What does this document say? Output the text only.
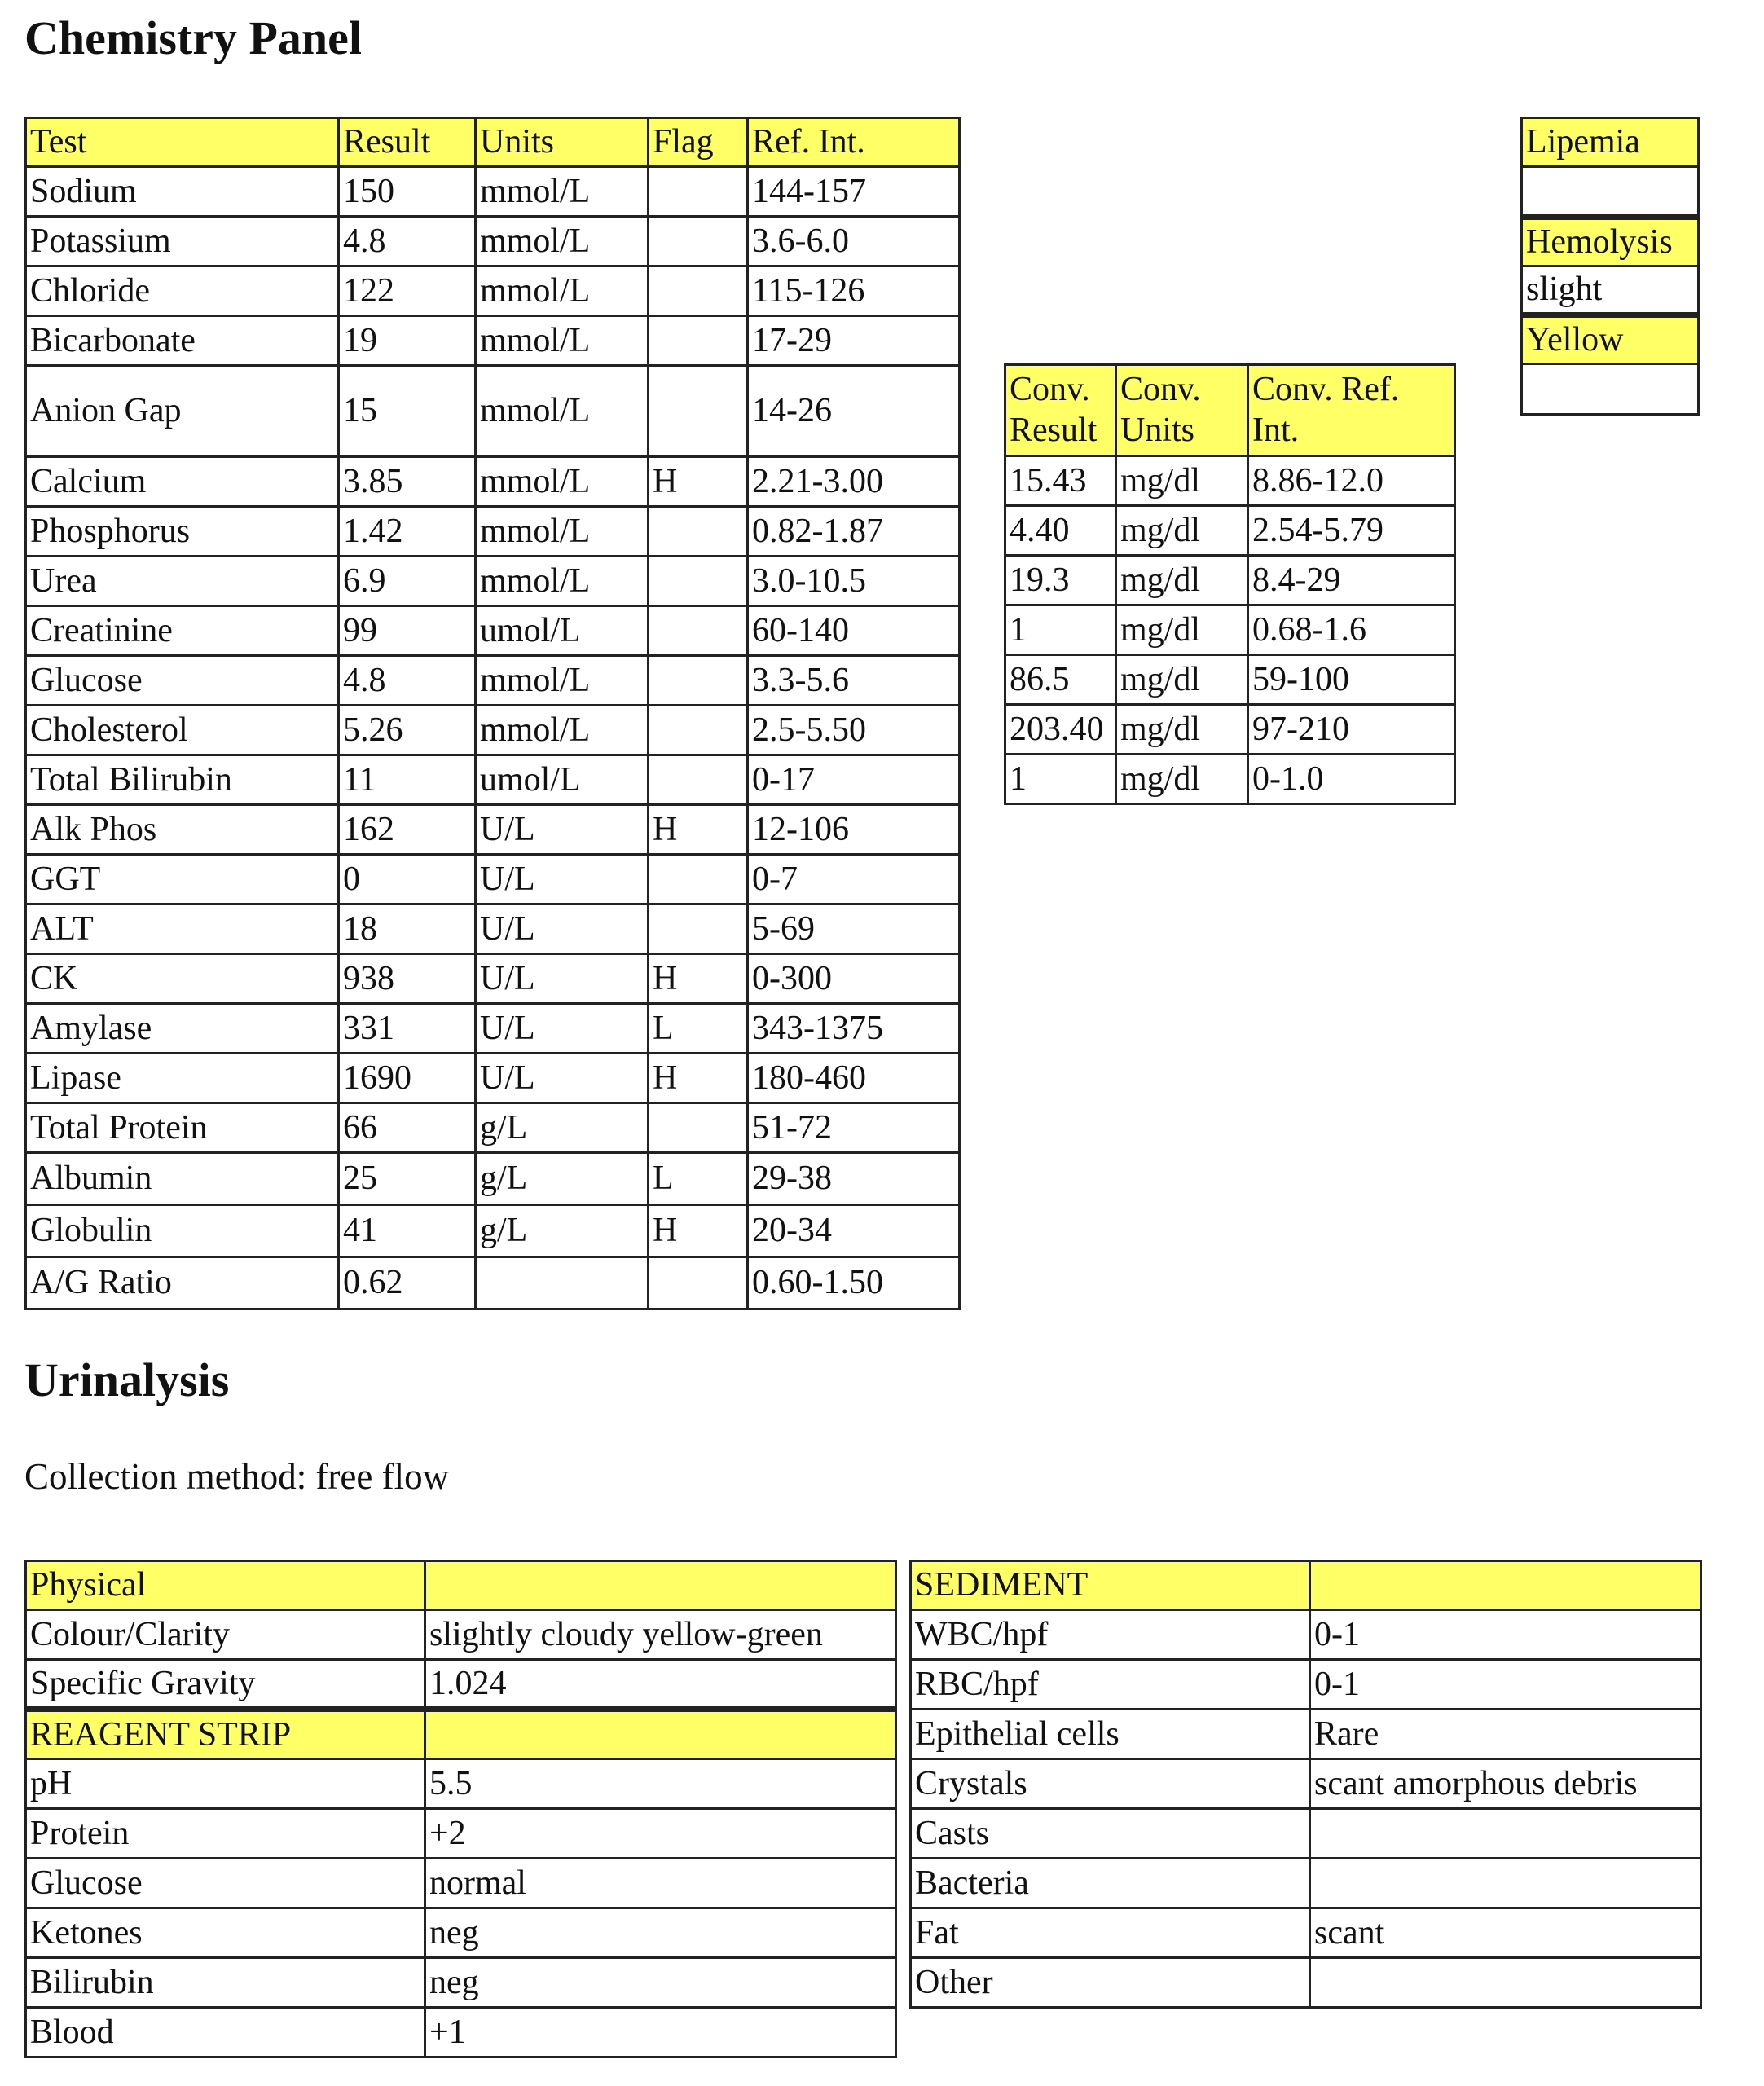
Chemistry Panel
Test	Result	Units	Flag	Ref. Int.
Sodium	150	mmol/L		144-157
Potassium	4.8	mmol/L		3.6-6.0
Chloride	122	mmol/L		115-126
Bicarbonate	19	mmol/L		17-29
Anion Gap	15	mmol/L		14-26
Calcium	3.85	mmol/L	H	2.21-3.00
Phosphorus	1.42	mmol/L		0.82-1.87
Urea	6.9	mmol/L		3.0-10.5
Creatinine	99	umol/L		60-140
Glucose	4.8	mmol/L		3.3-5.6
Cholesterol	5.26	mmol/L		2.5-5.50
Total Bilirubin	11	umol/L		0-17
Alk Phos	162	U/L	H	12-106
GGT	0	U/L		0-7
ALT	18	U/L		5-69
CK	938	U/L	H	0-300
Amylase	331	U/L	L	343-1375
Lipase	1690	U/L	H	180-460
Total Protein	66	g/L		51-72
Albumin	25	g/L	L	29-38
Globulin	41	g/L	H	20-34
A/G Ratio	0.62			0.60-1.50
Conv. Result	Conv. Units	Conv. Ref. Int.
15.43	mg/dl	8.86-12.0
4.40	mg/dl	2.54-5.79
19.3	mg/dl	8.4-29
1	mg/dl	0.68-1.6
86.5	mg/dl	59-100
203.40	mg/dl	97-210
1	mg/dl	0-1.0
Lipemia

Hemolysis
slight
Yellow

Urinalysis

Collection method: free flow

Physical	
Colour/Clarity	slightly cloudy yellow-green
Specific Gravity	1.024
REAGENT STRIP	
pH	5.5
Protein	+2
Glucose	normal
Ketones	neg
Bilirubin	neg
Blood	+1
SEDIMENT	
WBC/hpf	0-1
RBC/hpf	0-1
Epithelial cells	Rare
Crystals	scant amorphous debris
Casts	
Bacteria	
Fat	scant
Other	
